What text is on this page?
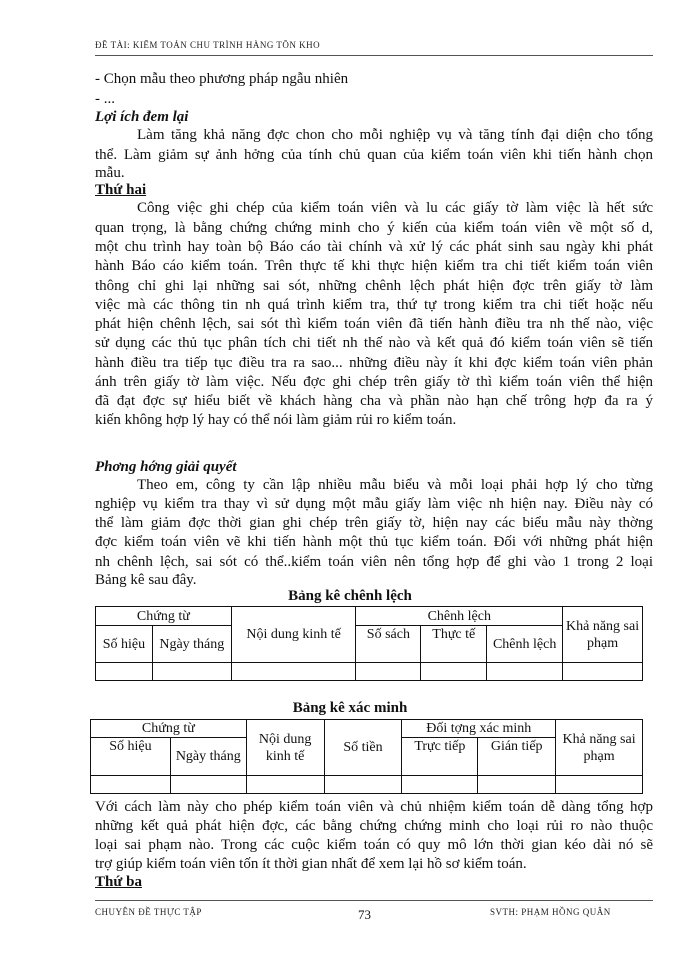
ĐỀ TÀI: KIỂM TOÁN CHU TRÌNH HÀNG TỒN KHO
- Chọn mẫu theo phương pháp ngẫu nhiên
- ...
Lợi ích đem lại
Làm tăng khả năng đợc chon cho mỗi nghiệp vụ và tăng tính đại diện cho tổng
thể. Làm giảm sự ảnh hởng của tính chủ quan của kiểm toán viên khi tiến hành chọn
mẫu.
Thứ hai
Công việc ghi chép của kiểm toán viên và lu các giấy tờ làm việc là hết sức
quan trọng, là bằng chứng chứng minh cho ý kiến của kiểm toán viên về một số d,
một chu trình hay toàn bộ Báo cáo tài chính và xử lý các phát sinh sau ngày khi phát
hành Báo cáo kiểm toán. Trên thực tế khi thực hiện kiểm tra chi tiết kiểm toán viên
thông chỉ ghi lại những sai sót, những chênh lệch phát hiện đợc trên giấy tờ làm
việc mà các thông tin nh quá trình kiểm tra, thứ tự trong kiểm tra chi tiết hoặc nếu
phát hiện chênh lệch, sai sót thì kiểm toán viên đã tiến hành điều tra nh thế nào, việc
sử dụng các thủ tục phân tích chi tiết nh thế nào và kết quả đó kiểm toán viên sẽ tiến
hành điều tra tiếp tục điều tra ra sao... những điều này ít khi đợc kiểm toán viên phản
ánh trên giấy tờ làm việc. Nếu đợc ghi chép trên giấy tờ thì kiểm toán viên thể hiện
đã đạt đợc sự hiểu biết về khách hàng cha và phần nào hạn chế trông hợp đa ra ý
kiến không hợp lý hay có thể nói làm giảm rủi ro kiểm toán.
Phơng hớng giải quyết
Theo em, công ty cần lập nhiều mẫu biểu và mỗi loại phải hợp lý cho từng
nghiệp vụ kiểm tra thay vì sử dụng một mẫu giấy làm việc nh hiện nay. Điều này có
thể làm giảm đợc thời gian ghi chép trên giấy tờ, hiện nay các biểu mẫu này thờng
đợc kiểm toán viên vẽ khi tiến hành một thủ tục kiểm toán. Đối với những phát hiện
nh chênh lệch, sai sót có thể..kiểm toán viên nên tổng hợp để ghi vào 1 trong 2 loại
Bảng kê sau đây.
Bảng kê chênh lệch
Chứng từ		Nội dung kinh tế	Chênh lệch			Khả năng sai phạm
Số hiệu	Ngày tháng		Số sách	Thực tế	Chênh lệch	

Bảng kê xác minh
Chứng từ		Nội dung kinh tế	Số tiền	Đối tợng xác minh		Khả năng sai phạm
Số hiệu	Ngày tháng			Trực tiếp	Gián tiếp	

Với cách làm này cho phép kiểm toán viên và chủ nhiệm kiểm toán dễ dàng tổng hợp
những kết quả phát hiện đợc, các bằng chứng chứng minh cho loại rủi ro nào thuộc
loại sai phạm nào. Trong các cuộc kiểm toán có quy mô lớn thời gian kéo dài nó sẽ
trợ giúp kiểm toán viên tốn ít thời gian nhất để xem lại hồ sơ kiểm toán.
Thứ ba
CHUYÊN ĐỀ THỰC TẬP	73	SVTH: PHẠM HỒNG QUÂN
